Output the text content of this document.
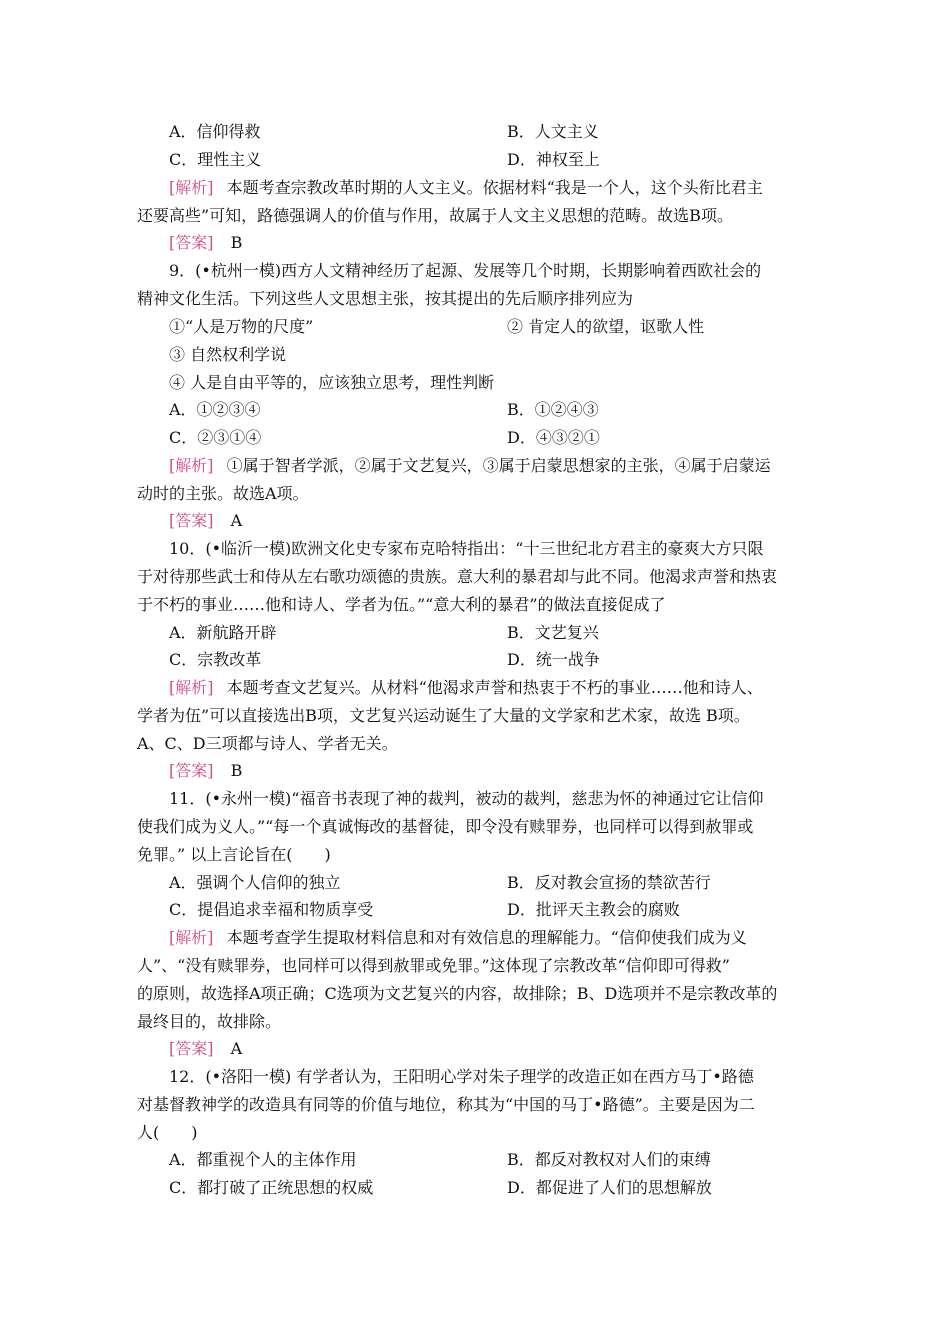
A．信仰得救	B．人文主义
C．理性主义	D．神权至上
[解析] 本题考查宗教改革时期的人文主义。依据材料“我是一个人，这个头衔比君主
还要高些”可知，路德强调人的价值与作用，故属于人文主义思想的范畴。故选B项。
[答案] B
9．(•杭州一模)西方人文精神经历了起源、发展等几个时期，长期影响着西欧社会的
精神文化生活。下列这些人文思想主张，按其提出的先后顺序排列应为
①“人是万物的尺度”	② 肯定人的欲望，讴歌人性
③ 自然权利学说
④ 人是自由平等的，应该独立思考，理性判断
A．①②③④	B．①②④③
C．②③①④	D．④③②①
[解析] ①属于智者学派，②属于文艺复兴，③属于启蒙思想家的主张，④属于启蒙运
动时的主张。故选A项。
[答案] A
10．(•临沂一模)欧洲文化史专家布克哈特指出：“十三世纪北方君主的豪爽大方只限
于对待那些武士和侍从左右歌功颂德的贵族。意大利的暴君却与此不同。他渴求声誉和热衷
于不朽的事业……他和诗人、学者为伍。”“意大利的暴君”的做法直接促成了
A．新航路开辟	B．文艺复兴
C．宗教改革	D．统一战争
[解析] 本题考查文艺复兴。从材料“他渴求声誉和热衷于不朽的事业……他和诗人、
学者为伍”可以直接选出B项，文艺复兴运动诞生了大量的文学家和艺术家，故选 B项。
A、C、D三项都与诗人、学者无关。
[答案] B
11．(•永州一模)“福音书表现了神的裁判，被动的裁判，慈悲为怀的神通过它让信仰
使我们成为义人。”“每一个真诚悔改的基督徒，即令没有赎罪券，也同样可以得到赦罪或
免罪。” 以上言论旨在(　　)
A．强调个人信仰的独立	B．反对教会宣扬的禁欲苦行
C．提倡追求幸福和物质享受	D．批评天主教会的腐败
[解析] 本题考查学生提取材料信息和对有效信息的理解能力。“信仰使我们成为义
人”、“没有赎罪券，也同样可以得到赦罪或免罪。”这体现了宗教改革“信仰即可得救”
的原则，故选择A项正确；C选项为文艺复兴的内容，故排除；B、D选项并不是宗教改革的
最终目的，故排除。
[答案] A
12．(•洛阳一模) 有学者认为，王阳明心学对朱子理学的改造正如在西方马丁•路德
对基督教神学的改造具有同等的价值与地位，称其为“中国的马丁•路德”。主要是因为二
人(　　)
A．都重视个人的主体作用	B．都反对教权对人们的束缚
C．都打破了正统思想的权威	D．都促进了人们的思想解放
